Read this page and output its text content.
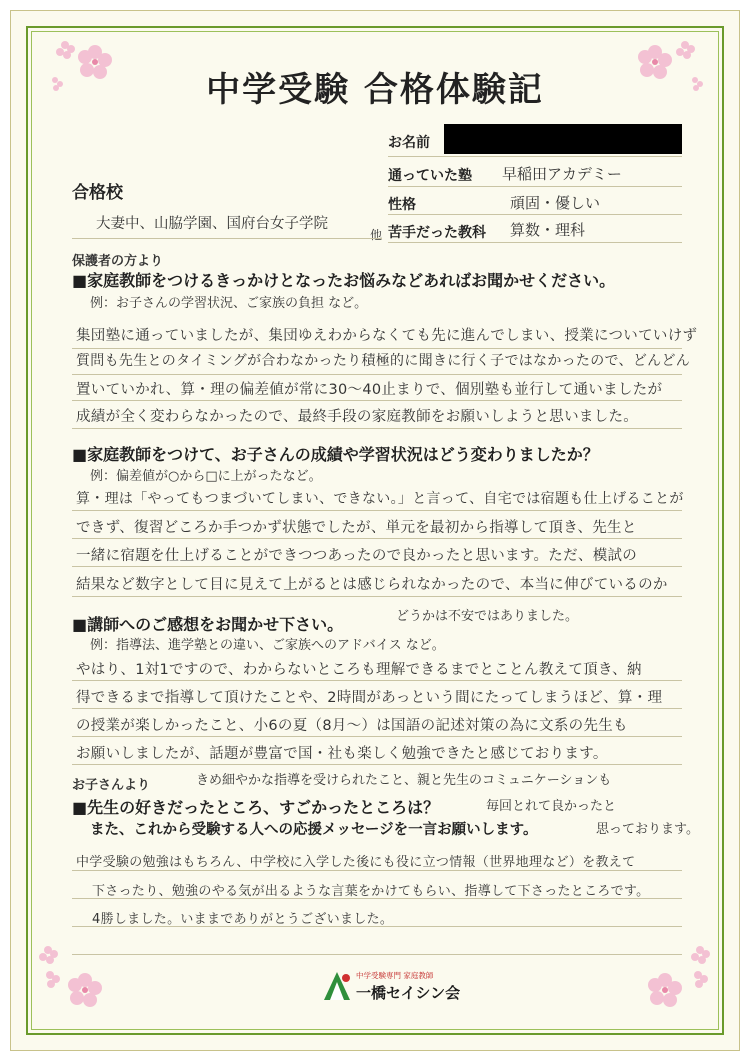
中学受験 合格体験記
お名前
通っていた塾 早稲田アカデミー
性格	頑固・優しい
苦手だった教科 算数・理科
合格校
大妻中、山脇学園、国府台女子学院
他
保護者の方より
■家庭教師をつけるきっかけとなったお悩みなどあればお聞かせください。
例：お子さんの学習状況、ご家族の負担 など。
集団塾に通っていましたが、集団ゆえわからなくても先に進んでしまい、授業についていけず
質問も先生とのタイミングが合わなかったり積極的に聞きに行く子ではなかったので、どんどん
置いていかれ、算・理の偏差値が常に30～40止まりで、個別塾も並行して通いましたが
成績が全く変わらなかったので、最終手段の家庭教師をお願いしようと思いました。
■家庭教師をつけて、お子さんの成績や学習状況はどう変わりましたか？
例：偏差値が○から□に上がったなど。
算・理は「やってもつまづいてしまい、できない。」と言って、自宅では宿題も仕上げることが
できず、復習どころか手つかず状態でしたが、単元を最初から指導して頂き、先生と
一緒に宿題を仕上げることができつつあったので良かったと思います。ただ、模試の
結果など数字として目に見えて上がるとは感じられなかったので、本当に伸びているのか
どうかは不安ではありました。
■講師へのご感想をお聞かせ下さい。
例：指導法、進学塾との違い、ご家族へのアドバイス など。
やはり、1対1ですので、わからないところも理解できるまでとことん教えて頂き、納
得できるまで指導して頂けたことや、2時間があっという間にたってしまうほど、算・理
の授業が楽しかったこと、小6の夏（8月～）は国語の記述対策の為に文系の先生も
お願いしましたが、話題が豊富で国・社も楽しく勉強できたと感じております。
きめ細やかな指導を受けられたこと、親と先生のコミュニケーションも
お子さんより
■先生の好きだったところ、すごかったところは？	毎回とれて良かったと
また、これから受験する人への応援メッセージを一言お願いします。	思っております。
中学受験の勉強はもちろん、中学校に入学した後にも役に立つ情報（世界地理など）を教えて
下さったり、勉強のやる気が出るような言葉をかけてもらい、指導して下さったところです。
4勝しました。いままでありがとうございました。
中学受験専門 家庭教師
一橋セイシン会
